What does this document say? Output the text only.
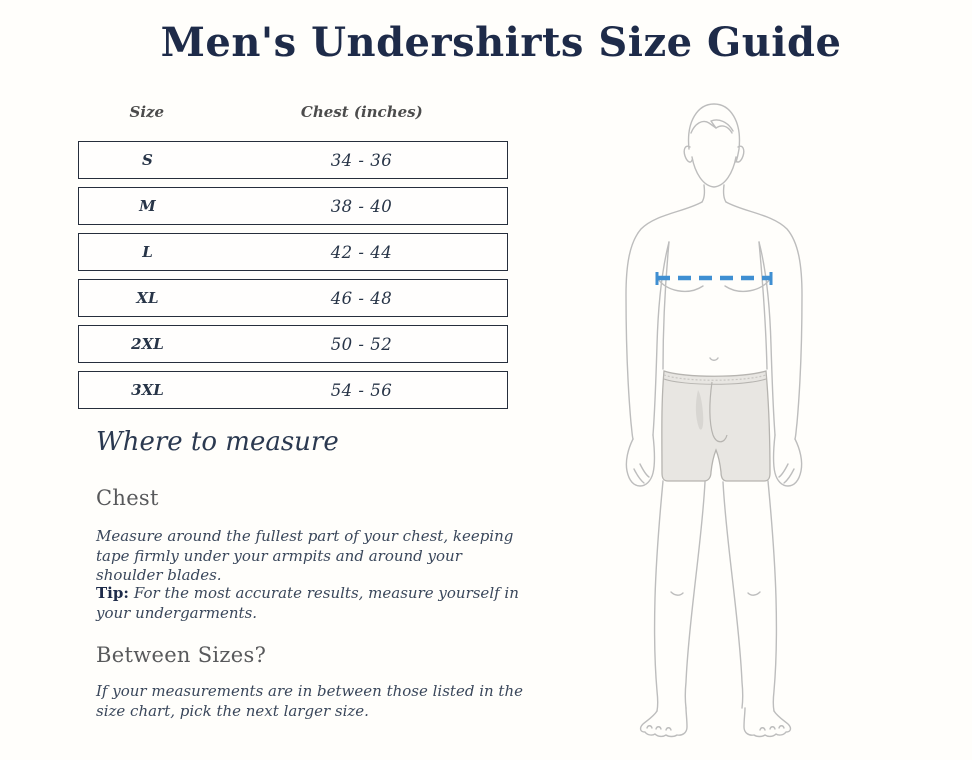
Men's Undershirts Size Guide
Size	Chest (inches)
S	34 - 36
M	38 - 40
L	42 - 44
XL	46 - 48
2XL	50 - 52
3XL	54 - 56
Where to measure
Chest
Measure around the fullest part of your chest, keeping
tape firmly under your armpits and around your
shoulder blades.
Tip: For the most accurate results, measure yourself in
your undergarments.
Between Sizes?
If your measurements are in between those listed in the
size chart, pick the next larger size.
